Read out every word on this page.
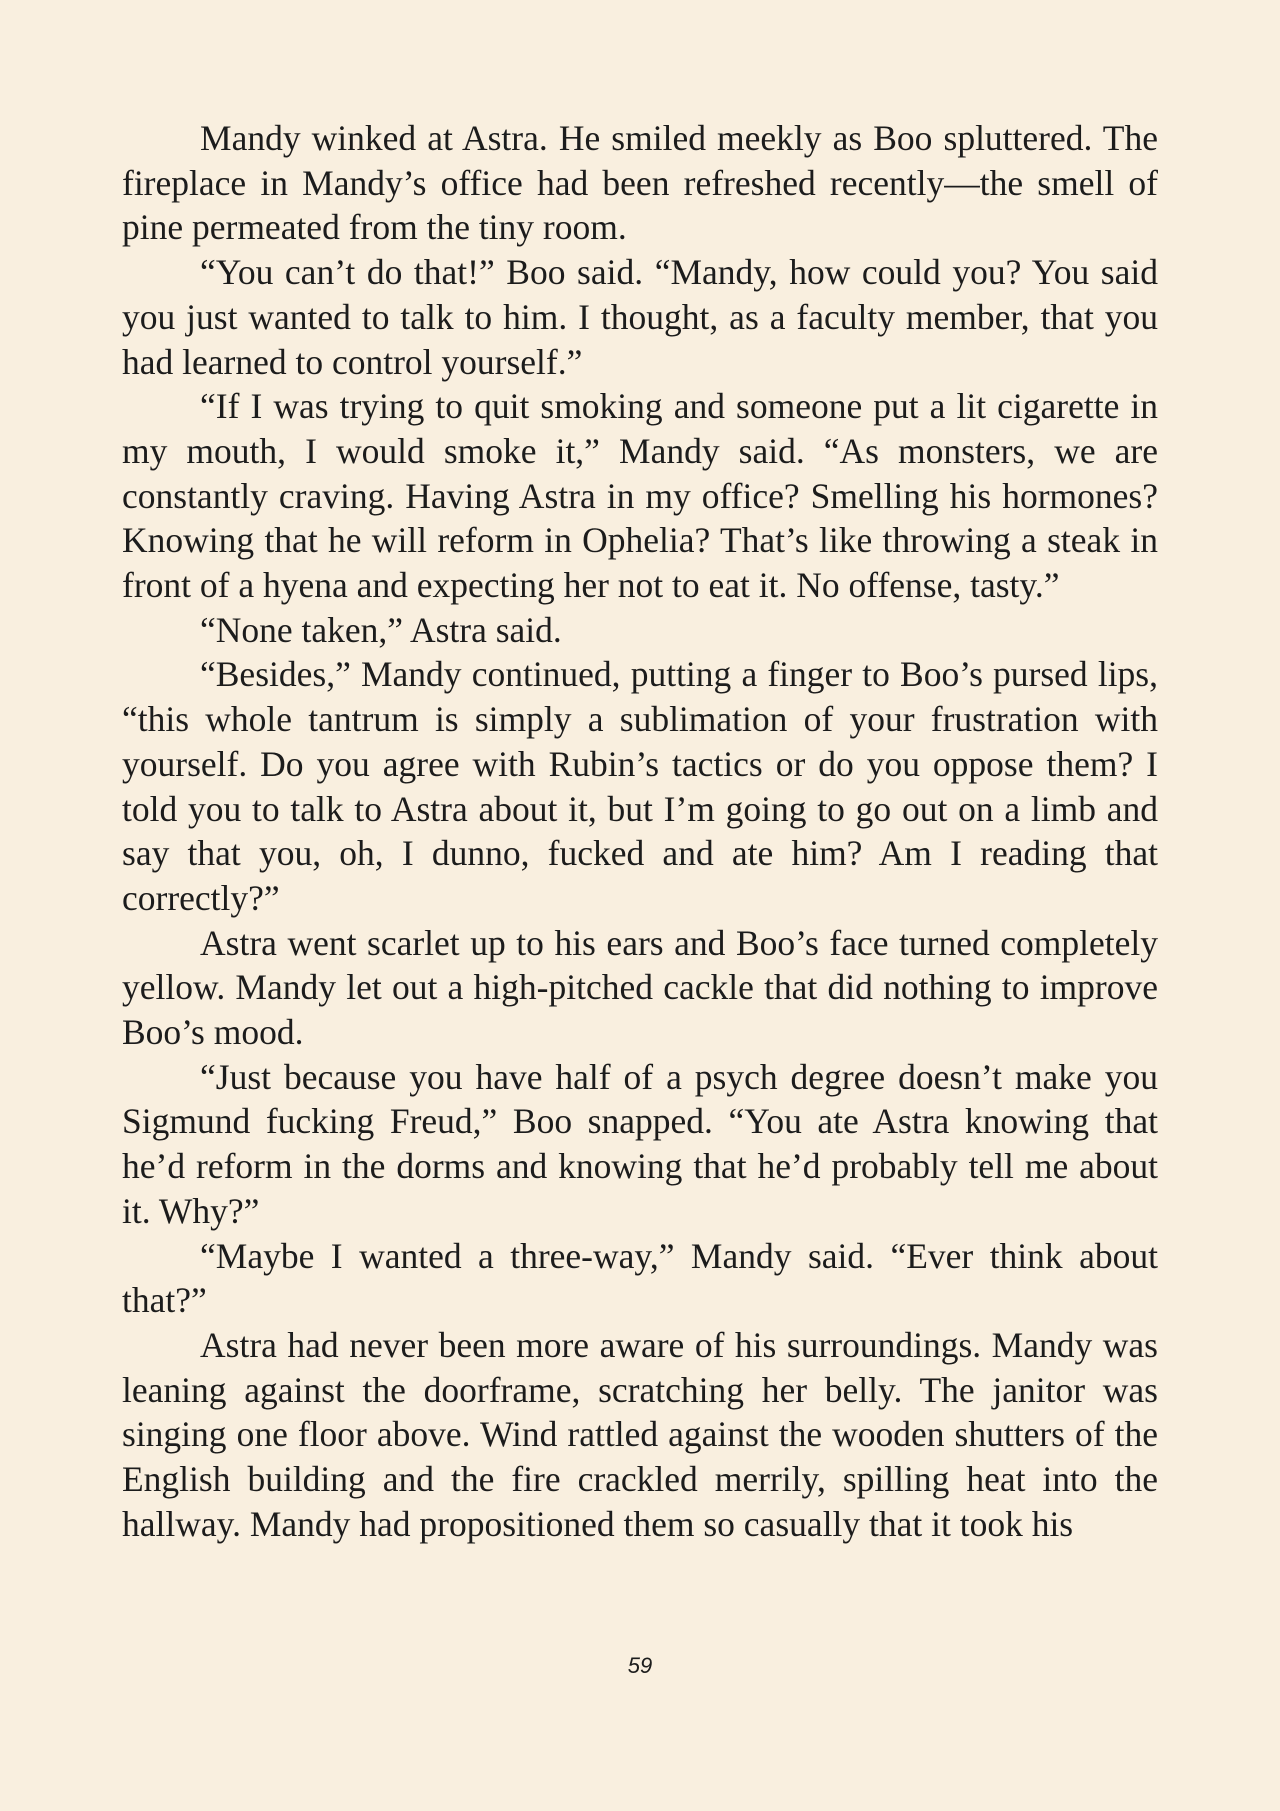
Mandy winked at Astra. He smiled meekly as Boo spluttered. The fireplace in Mandy’s office had been refreshed recently—the smell of pine permeated from the tiny room.

“You can’t do that!” Boo said. “Mandy, how could you? You said you just wanted to talk to him. I thought, as a faculty member, that you had learned to control yourself.”

“If I was trying to quit smoking and someone put a lit cigarette in my mouth, I would smoke it,” Mandy said. “As monsters, we are constantly craving. Having Astra in my office? Smelling his hormones? Knowing that he will reform in Ophelia? That’s like throwing a steak in front of a hyena and expecting her not to eat it. No offense, tasty.”

“None taken,” Astra said.

“Besides,” Mandy continued, putting a finger to Boo’s pursed lips, “this whole tantrum is simply a sublimation of your frustration with yourself. Do you agree with Rubin’s tactics or do you oppose them? I told you to talk to Astra about it, but I’m going to go out on a limb and say that you, oh, I dunno, fucked and ate him? Am I reading that correctly?”

Astra went scarlet up to his ears and Boo’s face turned completely yellow. Mandy let out a high-pitched cackle that did nothing to improve Boo’s mood.

“Just because you have half of a psych degree doesn’t make you Sigmund fucking Freud,” Boo snapped. “You ate Astra knowing that he’d reform in the dorms and knowing that he’d probably tell me about it. Why?”

“Maybe I wanted a three-way,” Mandy said. “Ever think about that?”

Astra had never been more aware of his surroundings. Mandy was leaning against the doorframe, scratching her belly. The janitor was singing one floor above. Wind rattled against the wooden shutters of the English building and the fire crackled merrily, spilling heat into the hallway. Mandy had propositioned them so casually that it took his

59
